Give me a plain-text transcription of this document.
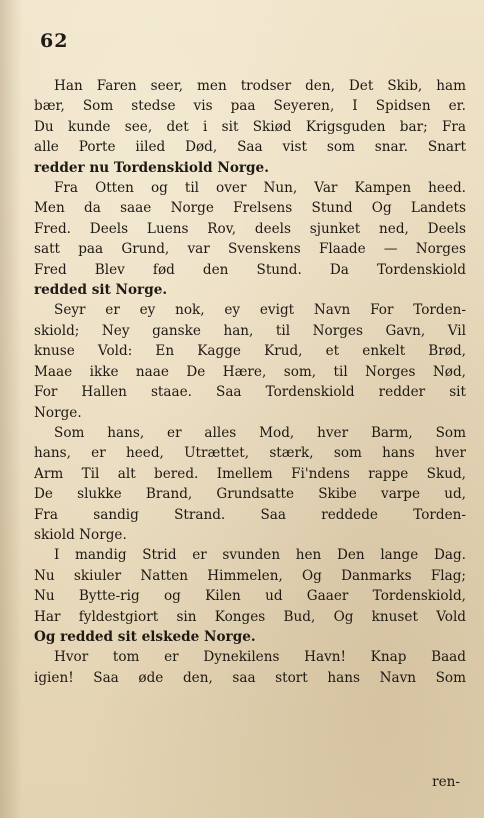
62
Han Faren seer, men trodser den, Det Skib, ham
bær, Som stedse vis paa Seyeren, I Spidsen er.
Du kunde see, det i sit Skiød Krigsguden bar; Fra
alle Porte iiled Død, Saa vist som snar. Snart
redder nu Tordenskiold Norge.
Fra Otten og til over Nun, Var Kampen heed.
Men da saae Norge Frelsens Stund Og Landets
Fred. Deels Luens Rov, deels sjunket ned, Deels
satt paa Grund, var Svenskens Flaade — Norges
Fred Blev fød den Stund. Da Tordenskiold
redded sit Norge.
Seyr er ey nok, ey evigt Navn For Torden-
skiold; Ney ganske han, til Norges Gavn, Vil
knuse Vold: En Kagge Krud, et enkelt Brød,
Maae ikke naae De Hære, som, til Norges Nød,
For Hallen staae. Saa Tordenskiold redder sit
Norge.
Som hans, er alles Mod, hver Barm, Som
hans, er heed, Utrættet, stærk, som hans hver
Arm Til alt bered. Imellem Fi'ndens rappe Skud,
De slukke Brand, Grundsatte Skibe varpe ud,
Fra sandig Strand. Saa reddede Torden-
skiold Norge.
I mandig Strid er svunden hen Den lange Dag.
Nu skiuler Natten Himmelen, Og Danmarks Flag;
Nu Bytte-rig og Kilen ud Gaaer Tordenskiold,
Har fyldestgiort sin Konges Bud, Og knuset Vold
Og redded sit elskede Norge.
Hvor tom er Dynekilens Havn! Knap Baad
igien! Saa øde den, saa stort hans Navn Som
ren-
